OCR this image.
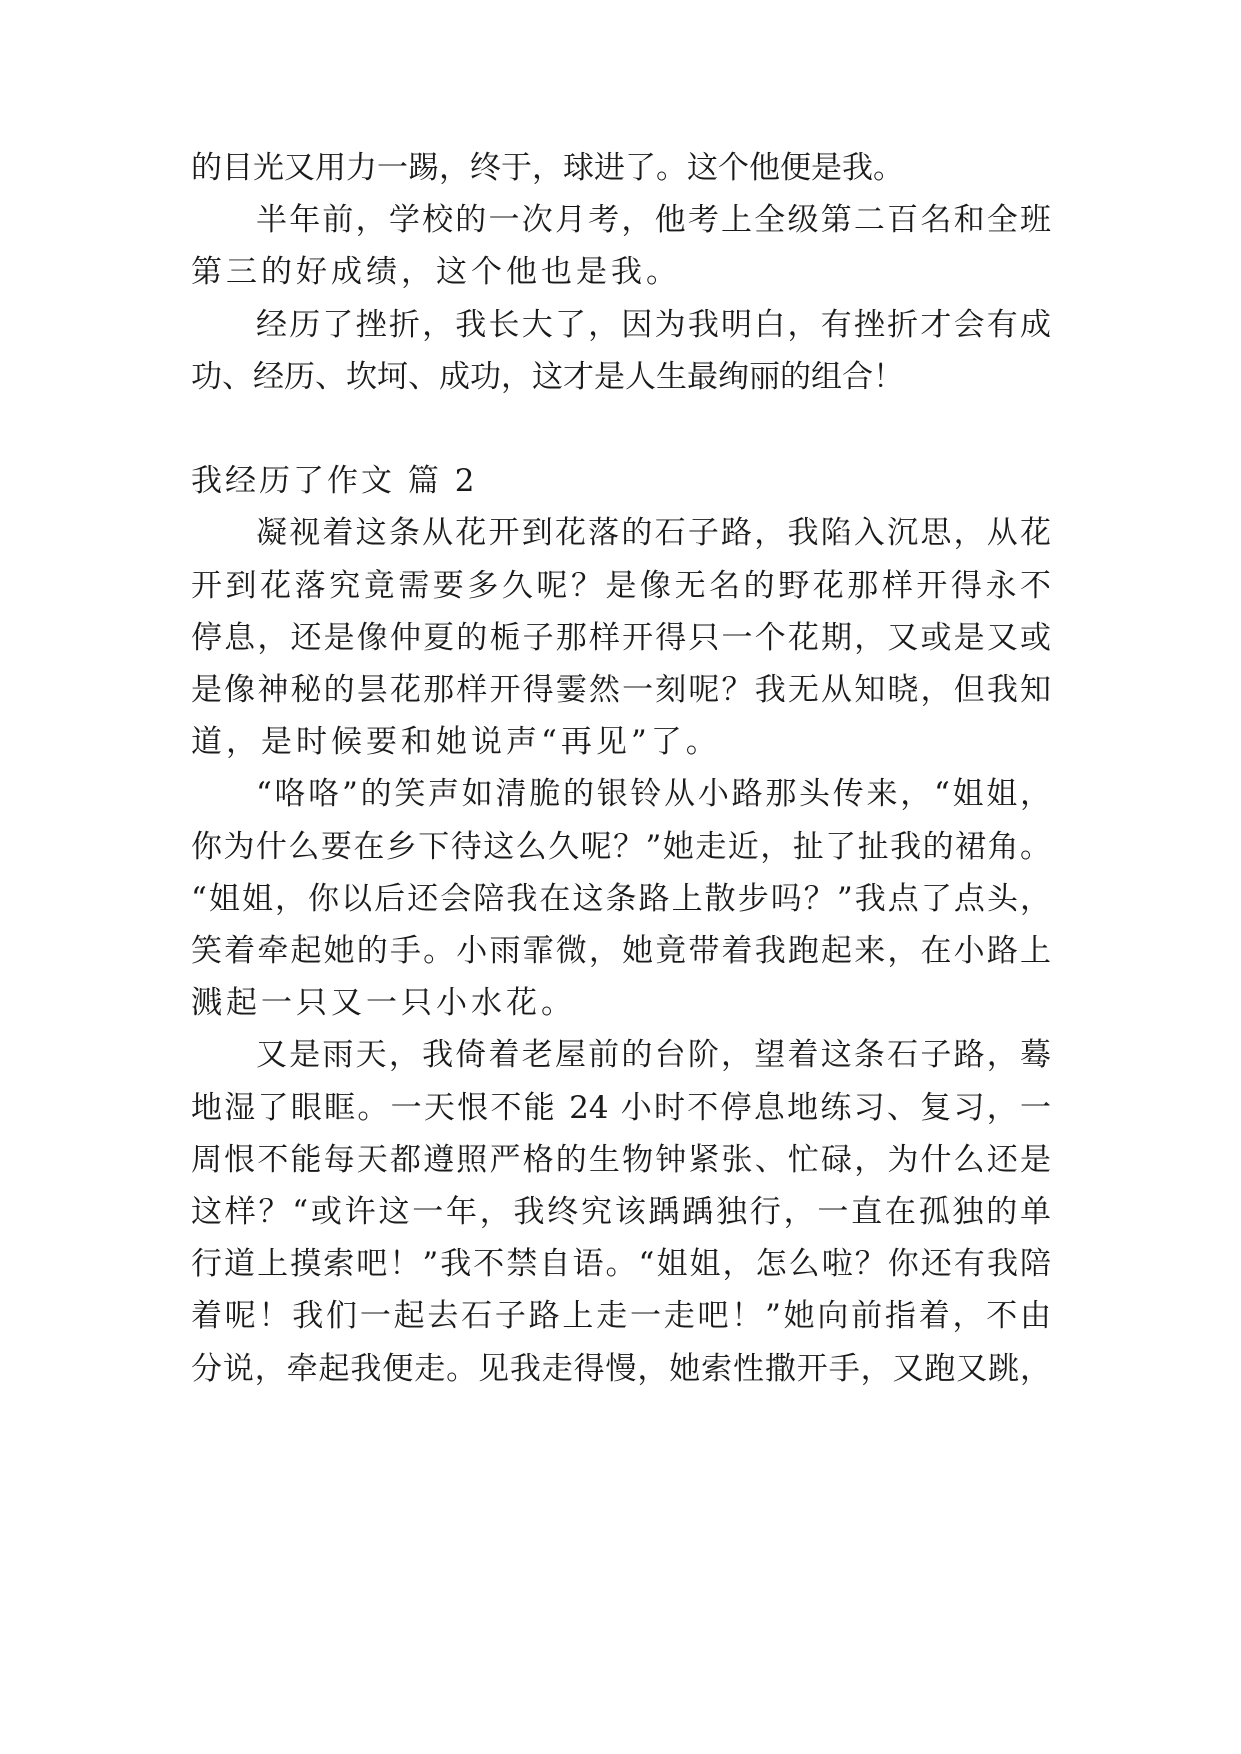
的目光又用力一踢，终于，球进了。这个他便是我。
半年前，学校的一次月考，他考上全级第二百名和全班
第三的好成绩，这个他也是我。
经历了挫折，我长大了，因为我明白，有挫折才会有成
功、经历、坎坷、成功，这才是人生最绚丽的组合！
我经历了作文 篇 2
凝视着这条从花开到花落的石子路，我陷入沉思，从花
开到花落究竟需要多久呢？是像无名的野花那样开得永不
停息，还是像仲夏的栀子那样开得只一个花期，又或是又或
是像神秘的昙花那样开得霎然一刻呢？我无从知晓，但我知
道，是时候要和她说声“再见”了。
“咯咯”的笑声如清脆的银铃从小路那头传来，“姐姐，
你为什么要在乡下待这么久呢？”她走近，扯了扯我的裙角。
“姐姐，你以后还会陪我在这条路上散步吗？”我点了点头，
笑着牵起她的手。小雨霏微，她竟带着我跑起来，在小路上
溅起一只又一只小水花。
又是雨天，我倚着老屋前的台阶，望着这条石子路，蓦
地湿了眼眶。一天恨不能 24 小时不停息地练习、复习，一
周恨不能每天都遵照严格的生物钟紧张、忙碌，为什么还是
这样？“或许这一年，我终究该踽踽独行，一直在孤独的单
行道上摸索吧！”我不禁自语。“姐姐，怎么啦？你还有我陪
着呢！我们一起去石子路上走一走吧！”她向前指着，不由
分说，牵起我便走。见我走得慢，她索性撒开手，又跑又跳，
